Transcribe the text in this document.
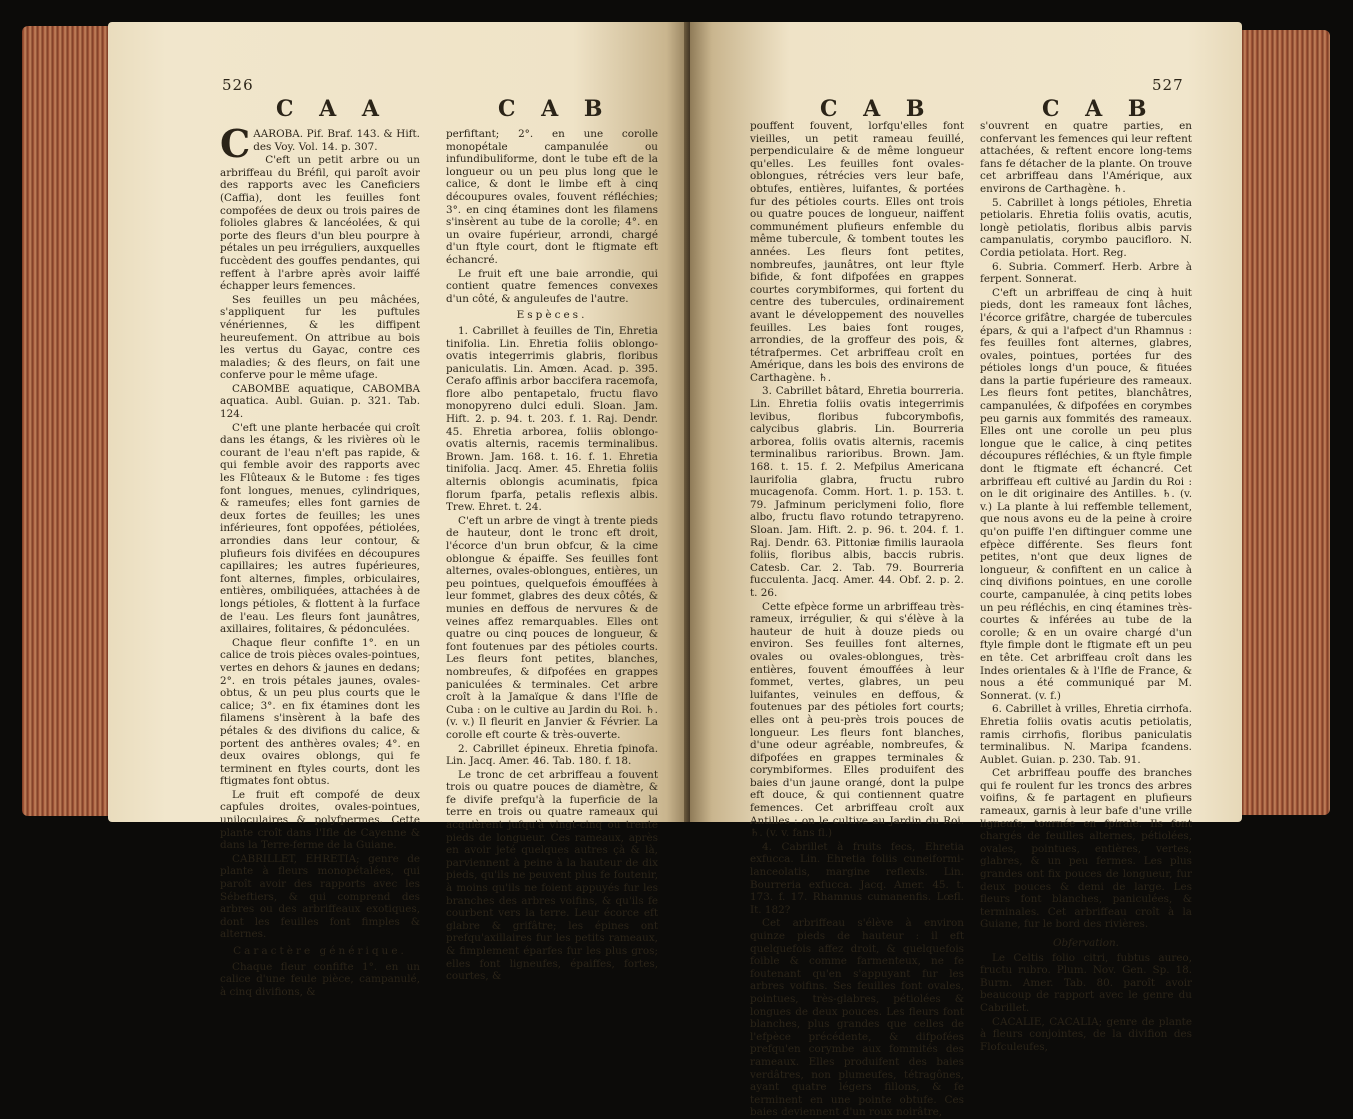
526
C A A	C A B

CAAROBA. Pif. Braf. 143. & Hift. des Voy. Vol. 14. p. 307.

C'eft un petit arbre ou un arbriffeau du Bréfil, qui paroît avoir des rapports avec les Caneficiers (Caffia), dont les feuilles font compofées de deux ou trois paires de folioles glabres & lancéolées, & qui porte des fleurs d'un bleu pourpre à pétales un peu irréguliers, auxquelles fuccèdent des gouffes pendantes, qui reffent à l'arbre après avoir laiffé échapper leurs femences.

Ses feuilles un peu mâchées, s'appliquent fur les puftules vénériennes, & les diffipent heureufement. On attribue au bois les vertus du Gayac, contre ces maladies; & des fleurs, on fait une conferve pour le même ufage.

CABOMBE aquatique, CABOMBA aquatica. Aubl. Guian. p. 321. Tab. 124.

C'eft une plante herbacée qui croît dans les étangs, & les rivières où le courant de l'eau n'eft pas rapide, & qui femble avoir des rapports avec les Flûteaux & le Butome : fes tiges font longues, menues, cylindriques, & rameufes; elles font garnies de deux fortes de feuilles; les unes inférieures, font oppofées, pétiolées, arrondies dans leur contour, & plufieurs fois divifées en découpures capillaires; les autres fupérieures, font alternes, fimples, orbiculaires, entières, ombiliquées, attachées à de longs pétioles, & flottent à la furface de l'eau. Les fleurs font jaunâtres, axillaires, folitaires, & pédonculées.

Chaque fleur confifte 1°. en un calice de trois pièces ovales-pointues, vertes en dehors & jaunes en dedans; 2°. en trois pétales jaunes, ovales-obtus, & un peu plus courts que le calice; 3°. en fix étamines dont les filamens s'insèrent à la bafe des pétales & des divifions du calice, & portent des anthères ovales; 4°. en deux ovaires oblongs, qui fe terminent en ftyles courts, dont les ftigmates font obtus.

Le fruit eft compofé de deux capfules droites, ovales-pointues, uniloculaires & polyfpermes. Cette plante croît dans l'Ifle de Cayenne & dans la Terre-ferme de la Guiane.

CABRILLET, EHRETIA; genre de plante à fleurs monopétalées, qui paroît avoir des rapports avec les Sébeftiers, & qui comprend des arbres ou des arbriffeaux exotiques, dont les feuilles font fimples & alternes.

Caractère générique.

Chaque fleur confifte 1°. en un calice d'une feule pièce, campanulé, à cinq divifions, &

perfiftant; 2°. en une corolle monopétale campanulée ou infundibuliforme, dont le tube eft de la longueur ou un peu plus long que le calice, & dont le limbe eft à cinq découpures ovales, fouvent réfléchies; 3°. en cinq étamines dont les filamens s'insèrent au tube de la corolle; 4°. en un ovaire fupérieur, arrondi, chargé d'un ftyle court, dont le ftigmate eft échancré.

Le fruit eft une baie arrondie, qui contient quatre femences convexes d'un côté, & anguleufes de l'autre.

Espèces.

1. Cabrillet à feuilles de Tin, Ehretia tinifolia. Lin. Ehretia foliis oblongo-ovatis integerrimis glabris, floribus paniculatis. Lin. Amœn. Acad. p. 395. Cerafo affinis arbor baccifera racemofa, flore albo pentapetalo, fructu flavo monopyreno dulci eduli. Sloan. Jam. Hift. 2. p. 94. t. 203. f. 1. Raj. Dendr. 45. Ehretia arborea, foliis oblongo-ovatis alternis, racemis terminalibus. Brown. Jam. 168. t. 16. f. 1. Ehretia tinifolia. Jacq. Amer. 45. Ehretia foliis alternis oblongis acuminatis, fpica florum fparfa, petalis reflexis albis. Trew. Ehret. t. 24.

C'eft un arbre de vingt à trente pieds de hauteur, dont le tronc eft droit, l'écorce d'un brun obfcur, & la cime oblongue & épaiffe. Ses feuilles font alternes, ovales-oblongues, entières, un peu pointues, quelquefois émouffées à leur fommet, glabres des deux côtés, & munies en deffous de nervures & de veines affez remarquables. Elles ont quatre ou cinq pouces de longueur, & font foutenues par des pétioles courts. Les fleurs font petites, blanches, nombreufes, & difpofées en grappes paniculées & terminales. Cet arbre croît à la Jamaïque & dans l'Ifle de Cuba : on le cultive au Jardin du Roi. ♄. (v. v.) Il fleurit en Janvier & Février. La corolle eft courte & très-ouverte.

2. Cabrillet épineux. Ehretia fpinofa. Lin. Jacq. Amer. 46. Tab. 180. f. 18.

Le tronc de cet arbriffeau a fouvent trois ou quatre pouces de diamètre, & fe divife prefqu'à la fuperficie de la terre en trois ou quatre rameaux qui acquièrent jufqu'à vingt-cinq ou trente pieds de longueur. Ces rameaux, après en avoir jeté quelques autres çà & là, parviennent à peine à la hauteur de dix pieds, qu'ils ne peuvent plus fe foutenir, à moins qu'ils ne foient appuyés fur les branches des arbres voifins, & qu'ils fe courbent vers la terre. Leur écorce eft glabre & grifâtre; les épines ont prefqu'axillaires fur les petits rameaux, & fimplement éparfes fur les plus gros; elles font ligneufes, épaiffes, fortes, courtes, &

C A B	C A B
527

pouffent fouvent, lorfqu'elles font vieilles, un petit rameau feuillé, perpendiculaire & de même longueur qu'elles. Les feuilles font ovales-oblongues, rétrécies vers leur bafe, obtufes, entières, luifantes, & portées fur des pétioles courts. Elles ont trois ou quatre pouces de longueur, naiffent communément plufieurs enfemble du même tubercule, & tombent toutes les années. Les fleurs font petites, nombreufes, jaunâtres, ont leur ftyle bifide, & font difpofées en grappes courtes corymbiformes, qui fortent du centre des tubercules, ordinairement avant le développement des nouvelles feuilles. Les baies font rouges, arrondies, de la groffeur des pois, & tétrafpermes. Cet arbriffeau croît en Amérique, dans les bois des environs de Carthagène. ♄.

3. Cabrillet bâtard, Ehretia bourreria. Lin. Ehretia foliis ovatis integerrimis levibus, floribus fubcorymbofis, calycibus glabris. Lin. Bourreria arborea, foliis ovatis alternis, racemis terminalibus rarioribus. Brown. Jam. 168. t. 15. f. 2. Mefpilus Americana laurifolia glabra, fructu rubro mucagenofa. Comm. Hort. 1. p. 153. t. 79. Jafminum periclymeni folio, flore albo, fructu flavo rotundo tetrapyreno. Sloan. Jam. Hift. 2. p. 96. t. 204. f. 1. Raj. Dendr. 63. Pittoniæ fimilis lauraola foliis, floribus albis, baccis rubris. Catesb. Car. 2. Tab. 79. Bourreria fucculenta. Jacq. Amer. 44. Obf. 2. p. 2. t. 26.

Cette efpèce forme un arbriffeau très-rameux, irrégulier, & qui s'élève à la hauteur de huit à douze pieds ou environ. Ses feuilles font alternes, ovales ou ovales-oblongues, très-entières, fouvent émouffées à leur fommet, vertes, glabres, un peu luifantes, veinules en deffous, & foutenues par des pétioles fort courts; elles ont à peu-près trois pouces de longueur. Les fleurs font blanches, d'une odeur agréable, nombreufes, & difpofées en grappes terminales & corymbiformes. Elles produifent des baies d'un jaune orangé, dont la pulpe eft douce, & qui contiennent quatre femences. Cet arbriffeau croît aux Antilles : on le cultive au Jardin du Roi. ♄. (v. v. fans fl.)

4. Cabrillet à fruits fecs, Ehretia exfucca. Lin. Ehretia foliis cuneiformi-lanceolatis, margine reflexis. Lin. Bourreria exfucca. Jacq. Amer. 45. t. 173. f. 17. Rhamnus cumanenfis. Lœfl. It. 182?

Cet arbriffeau s'élève à environ quinze pieds de hauteur : il eft quelquefois affez droit, & quelquefois foible & comme farmenteux, ne fe foutenant qu'en s'appuyant fur les arbres voifins. Ses feuilles font ovales, pointues, très-glabres, pétiolées & longues de deux pouces. Les fleurs font blanches, plus grandes que celles de l'efpèce précédente, & difpofées prefqu'en corymbe aux fommités des rameaux. Elles produifent des baies verdâtres, non plumeufes, tétragônes, ayant quatre légers fillons, & fe terminent en une pointe obtufe. Ces baies deviennent d'un roux noirâtre,

s'ouvrent en quatre parties, en confervant les femences qui leur reftent attachées, & reftent encore long-tems fans fe détacher de la plante. On trouve cet arbriffeau dans l'Amérique, aux environs de Carthagène. ♄.

5. Cabrillet à longs pétioles, Ehretia petiolaris. Ehretia foliis ovatis, acutis, longè petiolatis, floribus albis parvis campanulatis, corymbo paucifloro. N. Cordia petiolata. Hort. Reg.

6. Subria. Commerf. Herb. Arbre à ferpent. Sonnerat.

C'eft un arbriffeau de cinq à huit pieds, dont les rameaux font lâches, l'écorce grifâtre, chargée de tubercules épars, & qui a l'afpect d'un Rhamnus : fes feuilles font alternes, glabres, ovales, pointues, portées fur des pétioles longs d'un pouce, & fituées dans la partie fupérieure des rameaux. Les fleurs font petites, blanchâtres, campanulées, & difpofées en corymbes peu garnis aux fommités des rameaux. Elles ont une corolle un peu plus longue que le calice, à cinq petites découpures réfléchies, & un ftyle fimple dont le ftigmate eft échancré. Cet arbriffeau eft cultivé au Jardin du Roi : on le dit originaire des Antilles. ♄. (v. v.) La plante à lui reffemble tellement, que nous avons eu de la peine à croire qu'on puiffe l'en diftinguer comme une efpèce différente. Ses fleurs font petites, n'ont que deux lignes de longueur, & confiftent en un calice à cinq divifions pointues, en une corolle courte, campanulée, à cinq petits lobes un peu réfléchis, en cinq étamines très-courtes & inférées au tube de la corolle; & en un ovaire chargé d'un ftyle fimple dont le ftigmate eft un peu en tête. Cet arbriffeau croît dans les Indes orientales & à l'Ifle de France, & nous a été communiqué par M. Sonnerat. (v. f.)

6. Cabrillet à vrilles, Ehretia cirrhofa. Ehretia foliis ovatis acutis petiolatis, ramis cirrhofis, floribus paniculatis terminalibus. N. Maripa fcandens. Aublet. Guian. p. 230. Tab. 91.

Cet arbriffeau pouffe des branches qui fe roulent fur les troncs des arbres voifins, & fe partagent en plufieurs rameaux, garnis à leur bafe d'une vrille ligneufe, tournée en fpirale. Ils font chargés de feuilles alternes, pétiolées, ovales, pointues, entières, vertes, glabres, & un peu fermes. Les plus grandes ont fix pouces de longueur, fur deux pouces & demi de large. Les fleurs font blanches, paniculées, & terminales. Cet arbriffeau croît à la Guiane, fur le bord des rivières.

Obfervation.

Le Celtis folio citri, fubtus aureo, fructu rubro. Plum. Nov. Gen. Sp. 18. Burm. Amer. Tab. 80. paroît avoir beaucoup de rapport avec le genre du Cabrillet.

CACALIE, CACALIA; genre de plante à fleurs conjointes, de la divifion des Flofculeufes,
